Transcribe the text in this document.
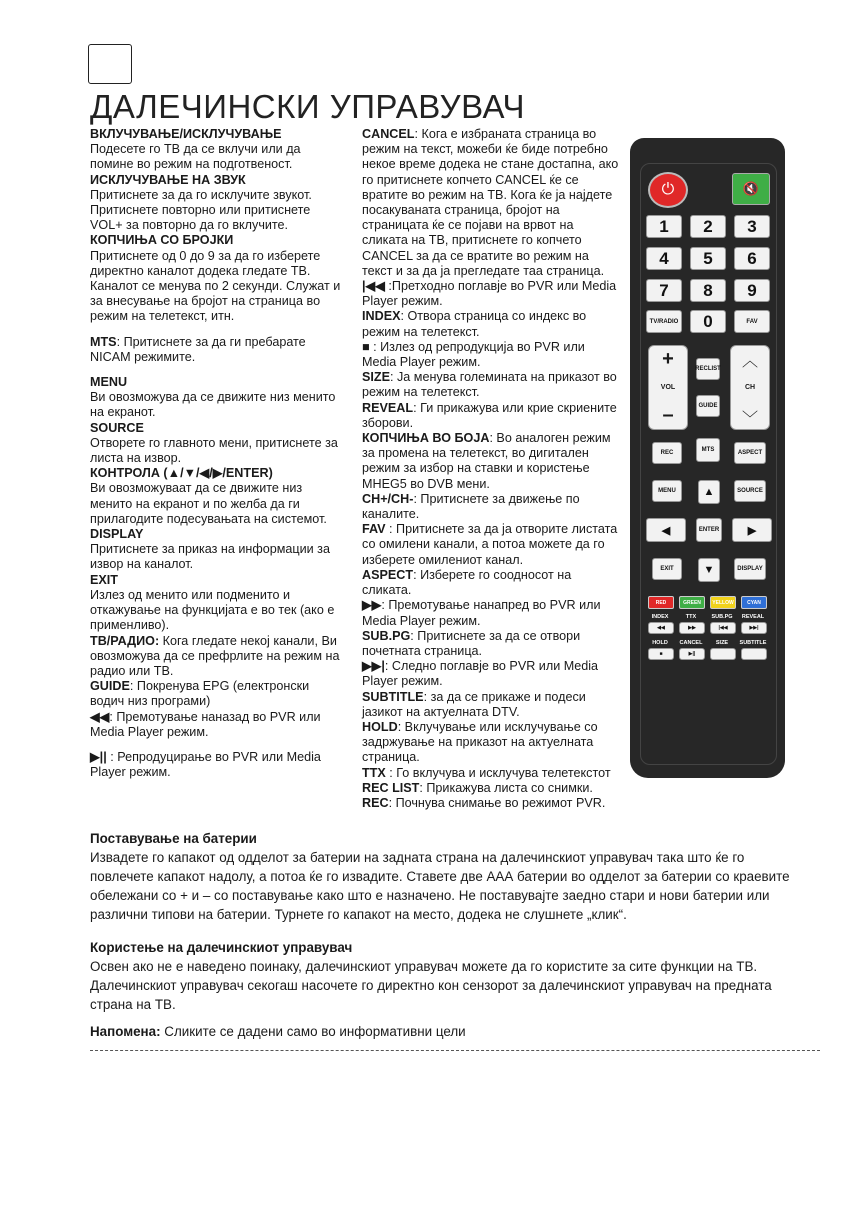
ДАЛЕЧИНСКИ УПРАВУВАЧ

ВКЛУЧУВАЊЕ/ИСКЛУЧУВАЊЕ
Подесете го ТВ да се вклучи или да помине во режим на подготвеност.

ИСКЛУЧУВАЊЕ НА ЗВУК
Притиснете за да го исклучите звукот. Притиснете повторно или притиснете VOL+ за повторно да го вклучите.

КОПЧИЊА СО БРОЈКИ
Притиснете од 0 до 9 за да го изберете директно каналот додека гледате ТВ. Каналот се менува по 2 секунди. Служат и за внесување на бројот на страница во режим на телетекст, итн.

MTS: Притиснете за да ги пребарате NICAM режимите.

MENU
Ви овозможува да се движите низ менито на екранот.

SOURCE
Отворете го главното мени, притиснете за листа на извор.

КОНТРОЛА (▲/▼/◀/▶/ENTER)
Ви овозможуваат да се движите низ менито на екранот и по желба да ги прилагодите подесувањата на системот.

DISPLAY
Притиснете за приказ на информации за извор на каналот.

EXIT
Излез од менито или подменито и откажување на функцијата е во тек (ако е применливо).

ТВ/РАДИО: Кога гледате некој канали, Ви овозможува да се префрлите на режим на радио или ТВ.

GUIDE: Покренува EPG (електронски водич низ програми)

◀◀: Премотување наназад во PVR или Media Player режим.

▶|| : Репродуцирање во PVR или Media Player режим.

CANCEL: Кога е избраната страница во режим на текст, можеби ќе биде потребно некое време додека не стане достапна, ако го притиснете копчето CANCEL ќе се вратите во режим на ТВ. Кога ќе ја најдете посакуваната страница, бројот на страницата ќе се појави на врвот на сликата на ТВ, притиснете го копчето CANCEL за да се вратите во режим на текст и за да ја прегледате таа страница.

|◀◀ :Претходно поглавје во PVR или Media Player режим.

INDEX: Отвора страница со индекс во режим на телетекст.

■ : Излез од репродукција во PVR или Media Player режим.

SIZE: Ја менува големината на приказот во режим на телетекст.

REVEAL: Ги прикажува или крие скриените зборови.

КОПЧИЊА ВО БОЈА: Во аналоген режим за промена на телетекст, во дигитален режим за избор на ставки и користење MHEG5 во DVB мени.

CH+/CH-: Притиснете за движење по каналите.

FAV : Притиснете за да ја отворите листата со омилени канали, а потоа можете да го изберете омилениот канал.

ASPECT: Изберете го соодносот на сликата.

▶▶: Премотување нанапред во PVR или Media Player режим.

SUB.PG: Притиснете за да се отвори почетната страница.

▶▶|: Следно поглавје во PVR или Media Player режим.

SUBTITLE: за да се прикаже и подеси јазикот на актуелната DTV.

HOLD: Вклучување или исклучување со задржување на приказот на актуелната страница.

TTX : Го вклучува и исклучува телетекстот

REC LIST: Прикажува листа со снимки.

REC: Почнува снимање во режимот PVR.

⏻	🔇
1	2	3
4	5	6
7	8	9
TV/RADIO	0	FAV
+
VOL
–
RECLIST
GUIDE
︿
CH
﹀
REC	MTS	ASPECT
MENU	▲	SOURCE
◀	ENTER	▶
EXIT	▼	DISPLAY
RED	GREEN	YELLOW	CYAN
INDEX
◀◀
TTX
▶▶
SUB.PG
|◀◀
REVEAL
▶▶|
HOLD
■
CANCEL
▶||
SIZE	SUBTITLE
Поставување на батерии
Извадете го капакот од одделот за батерии на задната страна на далечинскиот управувач така што ќе го повлечете капакот надолу, а потоа ќе го извадите. Ставете две ААА батерии во одделот за батерии со краевите обележани со + и – со поставување како што е назначено. Не поставувајте заедно стари и нови батерии или различни типови на батерии. Турнете го капакот на место, додека не слушнете „клик“.
Користење на далечинскиот управувач
Освен ако не е наведено поинаку, далечинскиот управувач можете да го користите за сите функции на ТВ. Далечинскиот управувач секогаш насочете го директно кон сензорот за далечинскиот управувач на предната страна на ТВ.
Напомена: Сликите се дадени само во информативни цели
